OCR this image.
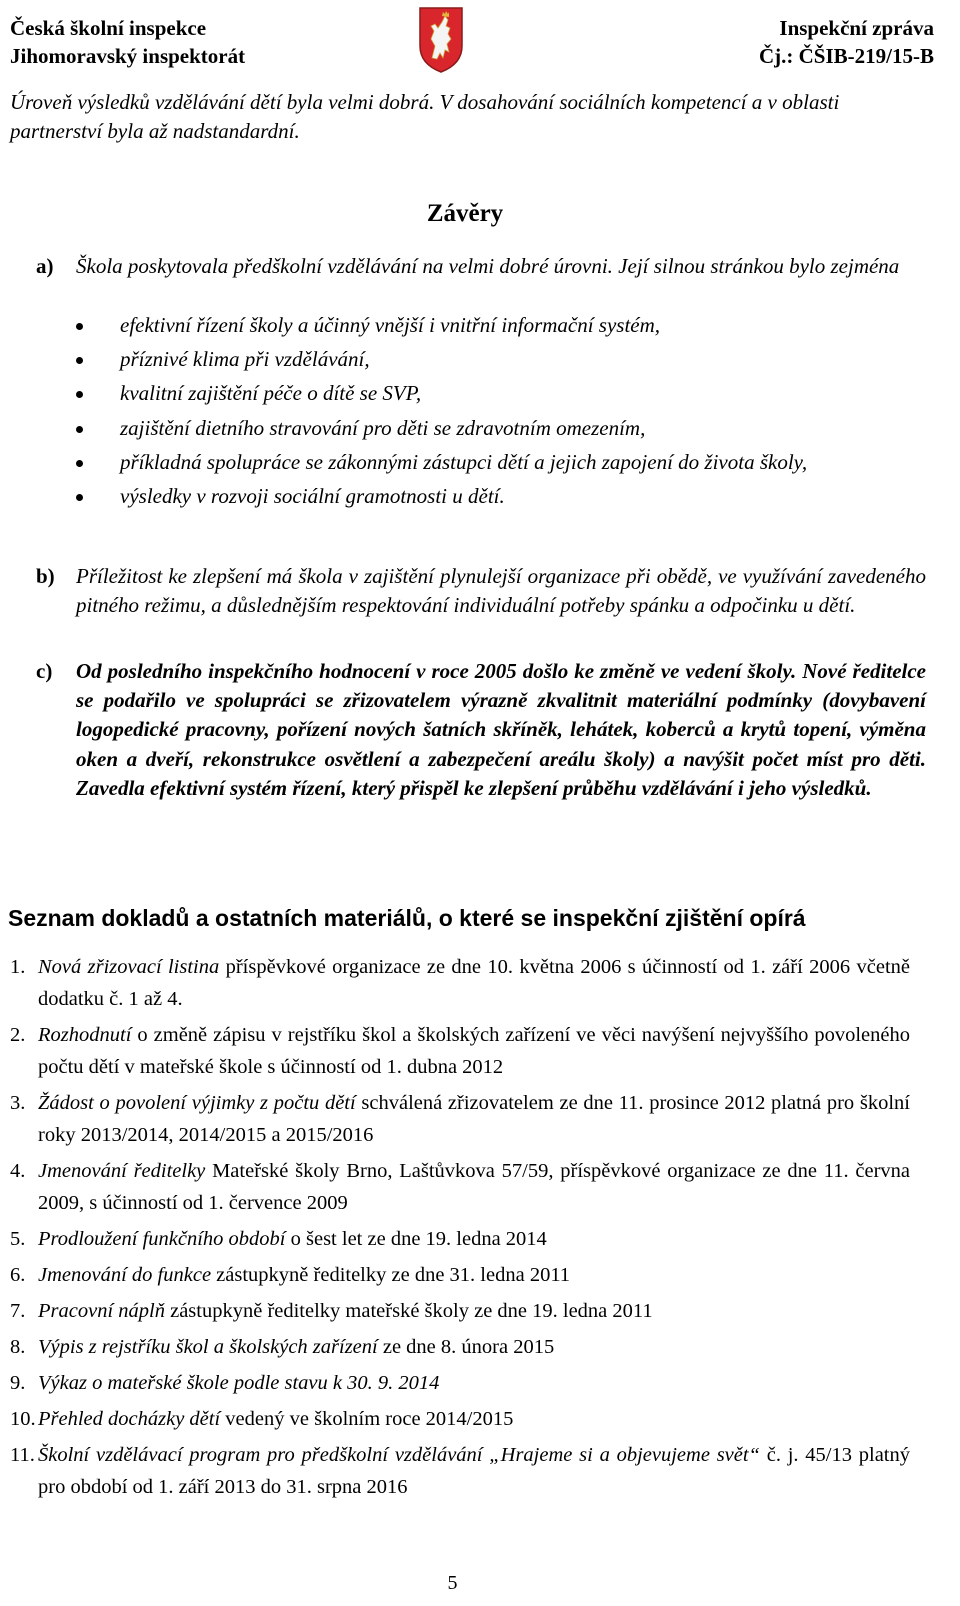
Česká školní inspekce
Jihomoravský inspektorát
Inspekční zpráva
Čj.: ČŠIB-219/15-B
Úroveň výsledků vzdělávání dětí byla velmi dobrá. V dosahování sociálních kompetencí a v oblasti partnerství byla až nadstandardní.
Závěry
a) Škola poskytovala předškolní vzdělávání na velmi dobré úrovni. Její silnou stránkou bylo zejména
efektivní řízení školy a účinný vnější i vnitřní informační systém,
příznivé klima při vzdělávání,
kvalitní zajištění péče o dítě se SVP,
zajištění dietního stravování pro děti se zdravotním omezením,
příkladná spolupráce se zákonnými zástupci dětí a jejich zapojení do života školy,
výsledky v rozvoji sociální gramotnosti u dětí.
b) Příležitost ke zlepšení má škola v zajištění plynulejší organizace při obědě, ve využívání zavedeného pitného režimu, a důslednějším respektování individuální potřeby spánku a odpočinku u dětí.
c) Od posledního inspekčního hodnocení v roce 2005 došlo ke změně ve vedení školy. Nové ředitelce se podařilo ve spolupráci se zřizovatelem výrazně zkvalitnit materiální podmínky (dovybavení logopedické pracovny, pořízení nových šatních skříněk, lehátek, koberců a krytů topení, výměna oken a dveří, rekonstrukce osvětlení a zabezpečení areálu školy) a navýšit počet míst pro děti. Zavedla efektivní systém řízení, který přispěl ke zlepšení průběhu vzdělávání i jeho výsledků.
Seznam dokladů a ostatních materiálů, o které se inspekční zjištění opírá
1. Nová zřizovací listina příspěvkové organizace ze dne 10. května 2006 s účinností od 1. září 2006 včetně dodatku č. 1 až 4.
2. Rozhodnutí o změně zápisu v rejstříku škol a školských zařízení ve věci navýšení nejvyššího povoleného počtu dětí v mateřské škole s účinností od 1. dubna 2012
3. Žádost o povolení výjimky z počtu dětí schválená zřizovatelem ze dne 11. prosince 2012 platná pro školní roky 2013/2014, 2014/2015 a 2015/2016
4. Jmenování ředitelky Mateřské školy Brno, Laštůvkova 57/59, příspěvkové organizace ze dne 11. června 2009, s účinností od 1. července 2009
5. Prodloužení funkčního období o šest let ze dne 19. ledna 2014
6. Jmenování do funkce zástupkyně ředitelky ze dne 31. ledna 2011
7. Pracovní náplň zástupkyně ředitelky mateřské školy ze dne 19. ledna 2011
8. Výpis z rejstříku škol a školských zařízení ze dne 8. února 2015
9. Výkaz o mateřské škole podle stavu k 30. 9. 2014
10. Přehled docházky dětí vedený ve školním roce 2014/2015
11. Školní vzdělávací program pro předškolní vzdělávání „Hrajeme si a objevujeme svět“ č. j. 45/13 platný pro období od 1. září 2013 do 31. srpna 2016
5
